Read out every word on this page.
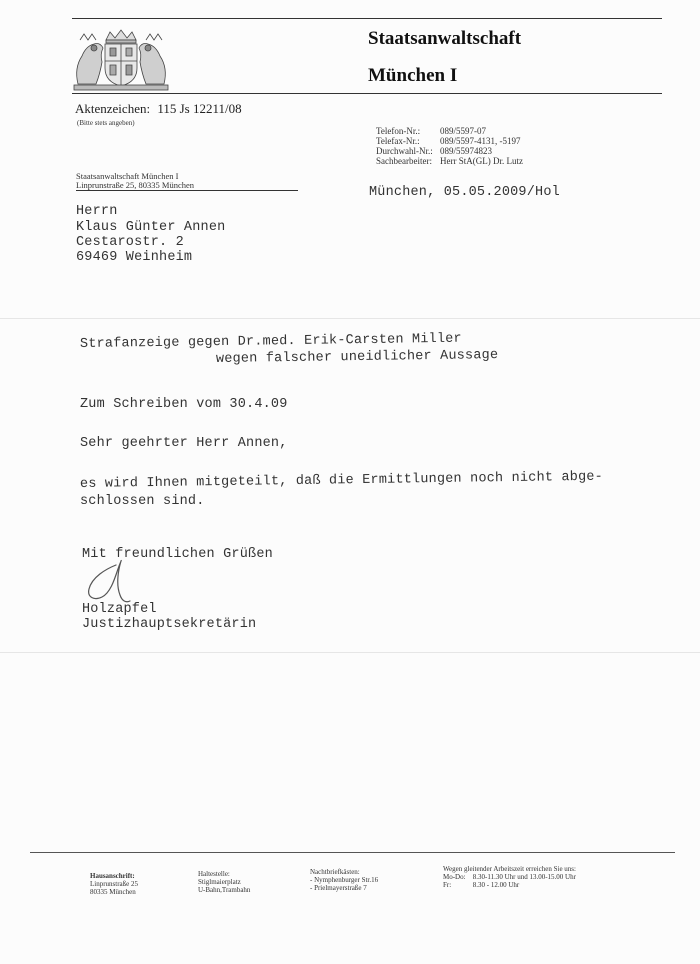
Staatsanwaltschaft
München I
Aktenzeichen: 115 Js 12211/08
(Bitte stets angeben)
Telefon-Nr.:	089/5597-07
Telefax-Nr.:	089/5597-4131, -5197
Durchwahl-Nr.: 089/55974823
Sachbearbeiter: Herr StA(GL) Dr. Lutz
Staatsanwaltschaft München I
Linprunstraße 25, 80335 München	München, 05.05.2009/Hol
Herrn
Klaus Günter Annen
Cestarostr. 2
69469 Weinheim
Strafanzeige gegen Dr.med. Erik-Carsten Miller
wegen falscher uneidlicher Aussage
Zum Schreiben vom 30.4.09
Sehr geehrter Herr Annen,
es wird Ihnen mitgeteilt, daß die Ermittlungen noch nicht abge-
schlossen sind.
Mit freundlichen Grüßen
Holzapfel
Justizhauptsekretärin
Hausanschrift:
Linprunstraße 25
80335 München
Haltestelle:
Stiglmaierplatz
U-Bahn,Trambahn
Nachtbriefkästen:
- Nymphenburger Str.16
- Prielmayerstraße 7
Wegen gleitender Arbeitszeit erreichen Sie uns:
Mo-Do: 8.30-11.30 Uhr und 13.00-15.00 Uhr
Fr:	8.30 - 12.00 Uhr
